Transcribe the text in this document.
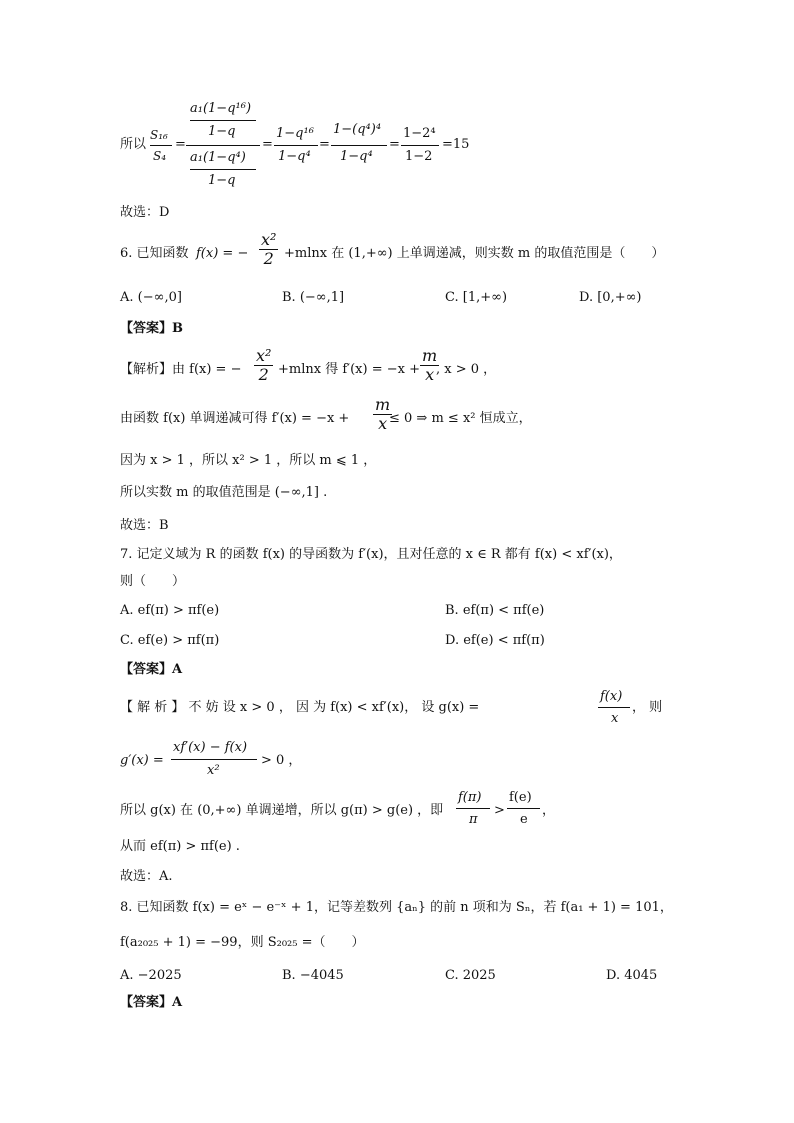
所以
S₁₆
S₄
=
a₁(1−q¹⁶)
1−q
a₁(1−q⁴)
1−q
=
1−q¹⁶
1−q⁴
=
1−(q⁴)⁴
1−q⁴
=
1−2⁴
1−2
=15
故选：D
6. 已知函数 f(x) = − $\frac{\text{x²}}{2} +mlnx$ 在 (1,+∞) 上单调递减，则实数 m 的取值范围是（　　）
A. (−∞,0]	B. (−∞,1]	C. [1,+∞)	D. [0,+∞)
【答案】B
【解析】由 f(x) = − $\frac{\text{x²}}{2} +mlnx$ 得 $f'(x) = -x + \frac{m}{x}$
, x > 0 ，
由函数 f(x) 单调递减可得 $f'(x) = -x + \frac{m}{x}$
≤ 0 ⇒ m ≤ x² 恒成立，
因为 x > 1 ，所以 x² > 1 ，所以 m ⩽ 1 ，
所以实数 m 的取值范围是 (−∞,1] .
故选：B
7. 记定义域为 R 的函数 f(x) 的导函数为 f′(x)，且对任意的 x ∈ R 都有 f(x) < xf′(x)，
则（　　）
A. ef(π) > πf(e)	B. ef(π) < πf(e)
C. ef(e) > πf(π)	D. ef(e) < πf(π)
【答案】A
【 解 析 】 不 妨 设 x > 0 ， 因 为 f(x) < xf′(x)， 设 g(x) =
f(x)
x
， 则
g′(x) =
xf′(x) − f(x)
x²
> 0 ，
所以 g(x) 在 (0,+∞) 单调递增，所以 g(π) > g(e) ，即
f(π)
π
>
f(e)
e
，
从而 ef(π) > πf(e) .
故选：A.
8. 已知函数 f(x) = eˣ − e⁻ˣ + 1，记等差数列 {aₙ} 的前 n 项和为 Sₙ，若 f(a₁ + 1) = 101，
f(a₂₀₂₅ + 1) = −99，则 S₂₀₂₅ =（　　）
A. −2025	B. −4045	C. 2025	D. 4045
【答案】A
